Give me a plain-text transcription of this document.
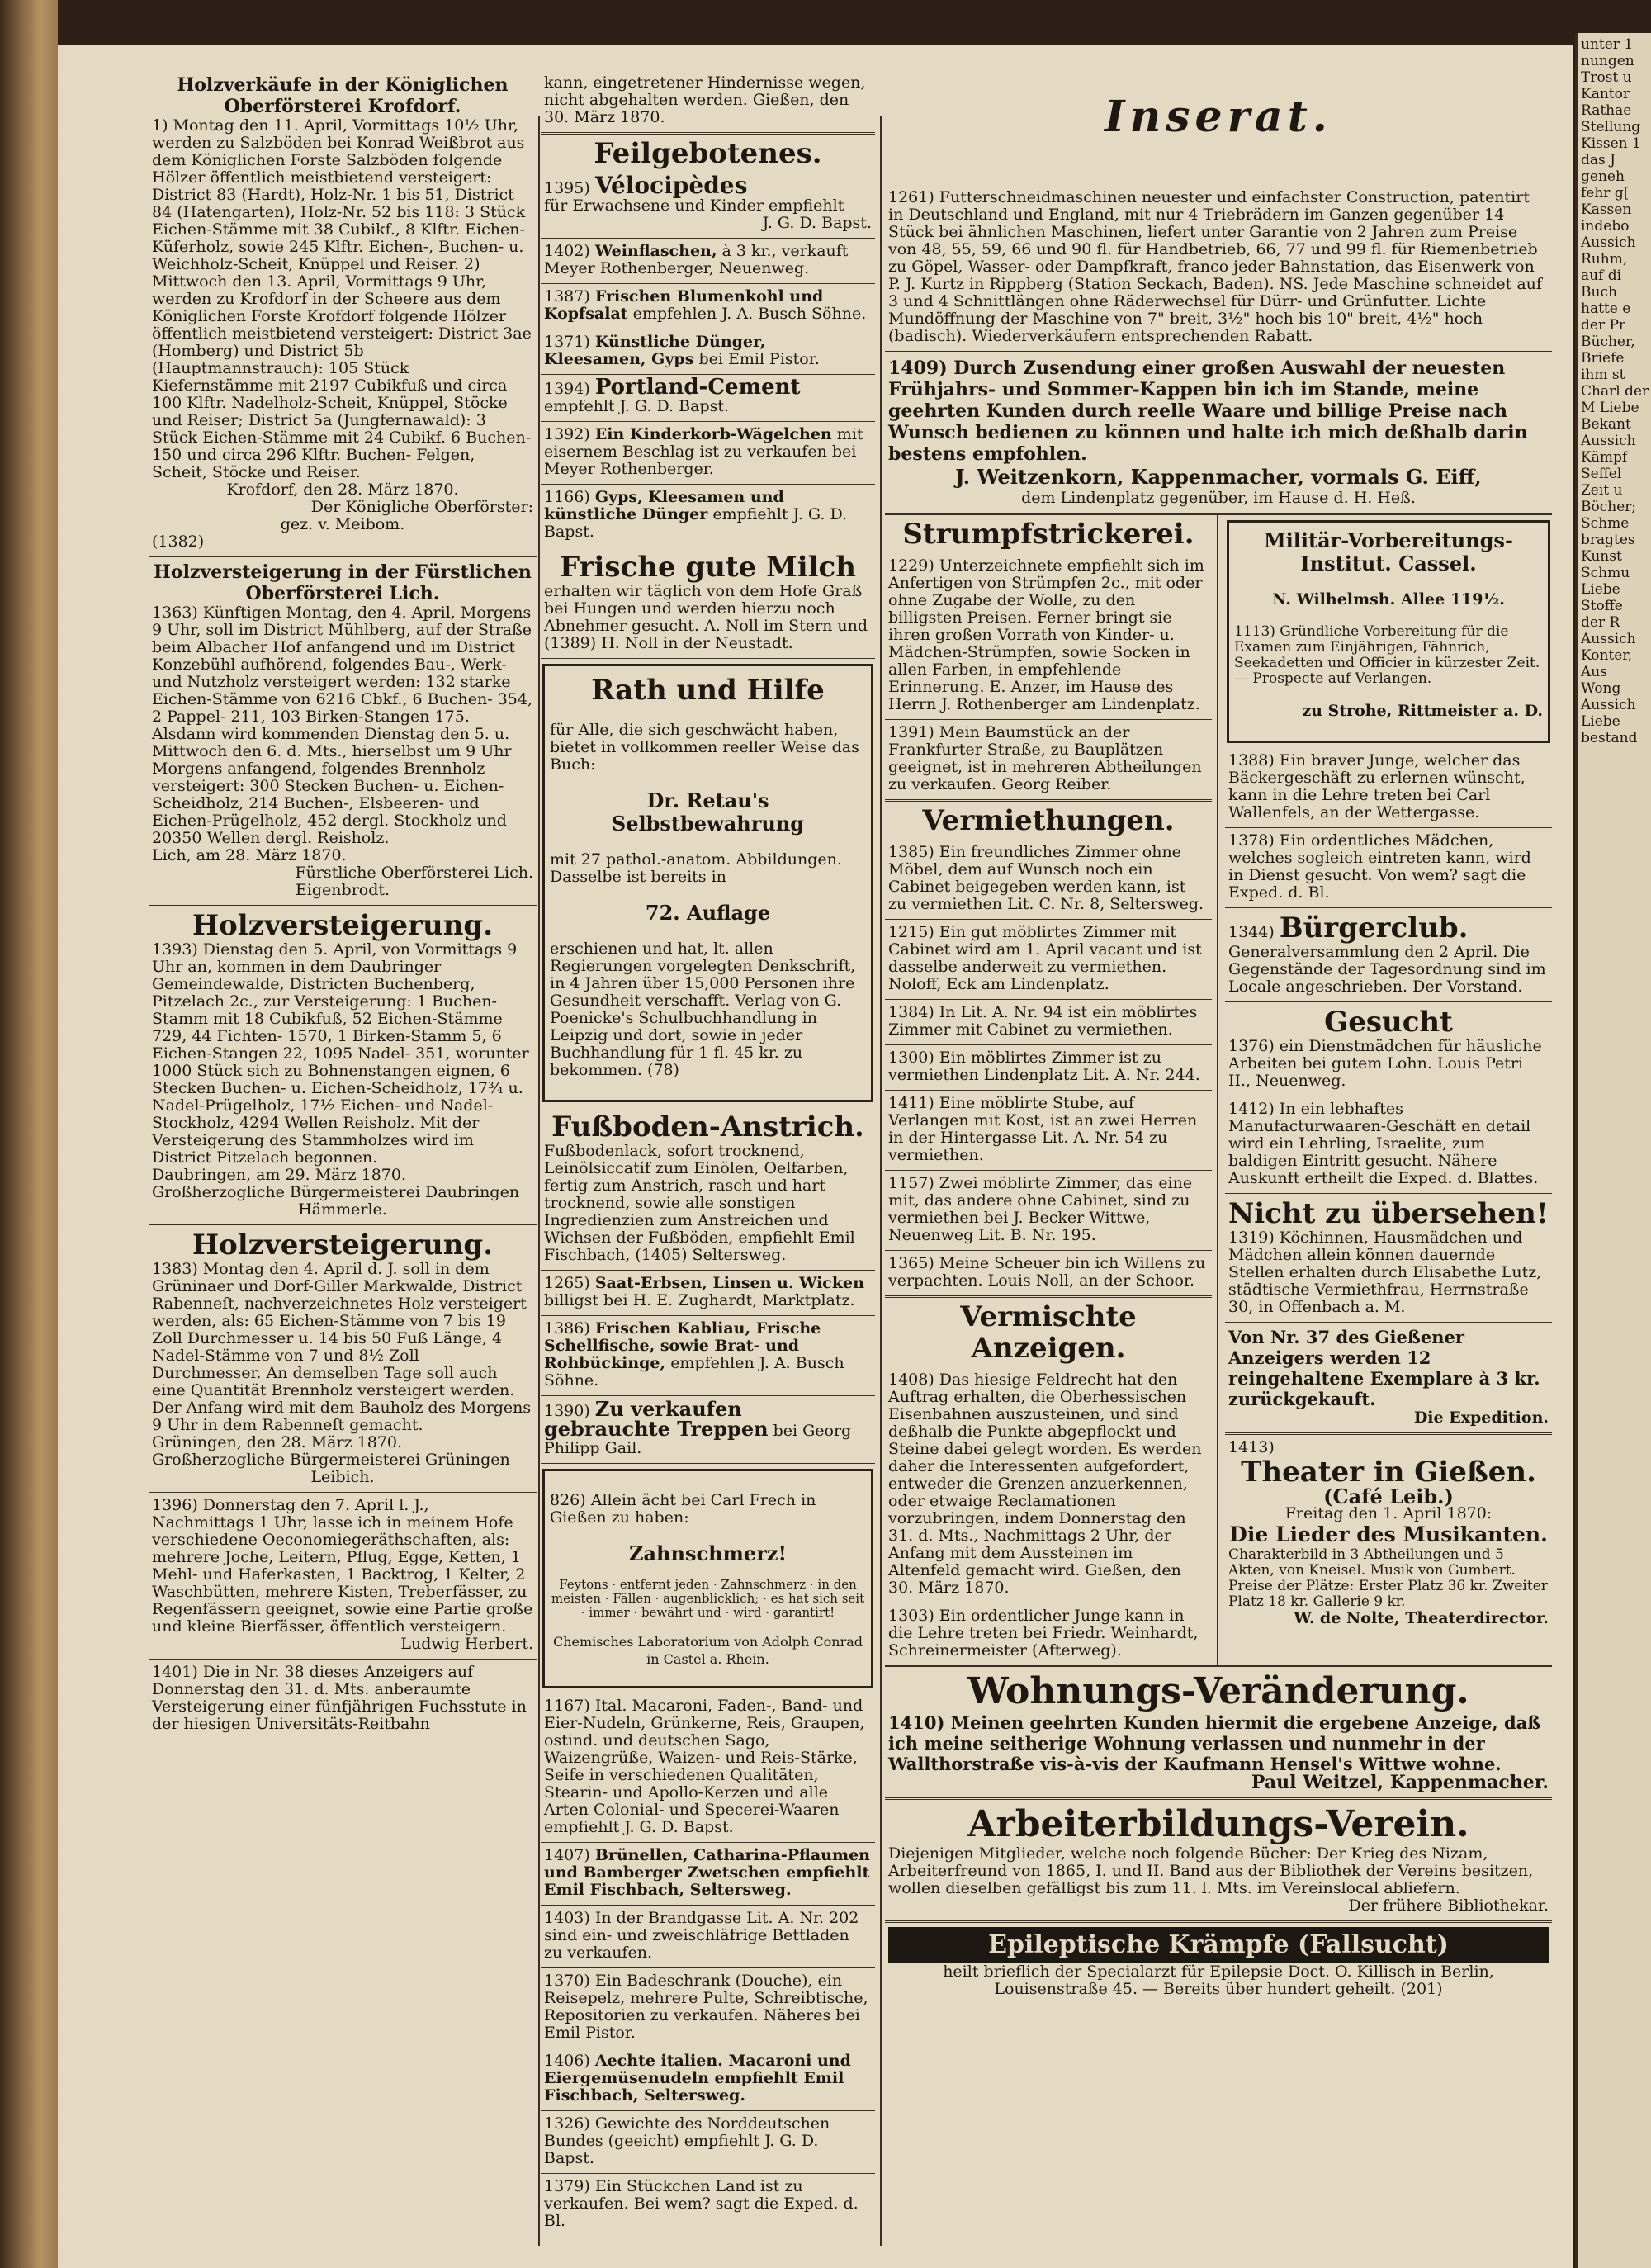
unter 1 nungen Trost u Kantor Rathae Stellung Kissen 1 das J geneh fehr g[ Kassen indebo Aussich Ruhm, auf di Buch hatte e der Pr Bücher, Briefe ihm st Charl der M Liebe Bekant Aussich Kämpf Seffel Zeit u Böcher; Schme bragtes Kunst Schmu Liebe Stoffe der R Aussich Konter, Aus Wong Aussich Liebe bestand

Holzverkäufe in der Königlichen Oberförsterei Krofdorf.

1) Montag den 11. April, Vormittags 10½ Uhr, werden zu Salzböden bei Konrad Weißbrot aus dem Königlichen Forste Salzböden folgende Hölzer öffentlich meistbietend versteigert: District 83 (Hardt), Holz-Nr. 1 bis 51, District 84 (Hatengarten), Holz-Nr. 52 bis 118: 3 Stück Eichen-Stämme mit 38 Cubikf., 8 Klftr. Eichen-Küferholz, sowie 245 Klftr. Eichen-, Buchen- u. Weichholz-Scheit, Knüppel und Reiser. 2) Mittwoch den 13. April, Vormittags 9 Uhr, werden zu Krofdorf in der Scheere aus dem Königlichen Forste Krofdorf folgende Hölzer öffentlich meistbietend versteigert: District 3ae (Homberg) und District 5b (Hauptmannstrauch): 105 Stück Kiefernstämme mit 2197 Cubikfuß und circa 100 Klftr. Nadelholz-Scheit, Knüppel, Stöcke und Reiser; District 5a (Jungfernawald): 3 Stück Eichen-Stämme mit 24 Cubikf. 6 Buchen- 150 und circa 296 Klftr. Buchen- Felgen, Scheit, Stöcke und Reiser.

Krofdorf, den 28. März 1870.

Der Königliche Oberförster:

gez. v. Meibom.

(1382)

Holzversteigerung in der Fürstlichen Oberförsterei Lich.

1363) Künftigen Montag, den 4. April, Morgens 9 Uhr, soll im District Mühlberg, auf der Straße beim Albacher Hof anfangend und im District Konzebühl aufhörend, folgendes Bau-, Werk- und Nutzholz versteigert werden: 132 starke Eichen-Stämme von 6216 Cbkf., 6 Buchen- 354, 2 Pappel- 211, 103 Birken-Stangen 175. Alsdann wird kommenden Dienstag den 5. u. Mittwoch den 6. d. Mts., hierselbst um 9 Uhr Morgens anfangend, folgendes Brennholz versteigert: 300 Stecken Buchen- u. Eichen-Scheidholz, 214 Buchen-, Elsbeeren- und Eichen-Prügelholz, 452 dergl. Stockholz und 20350 Wellen dergl. Reisholz.

Lich, am 28. März 1870.

Fürstliche Oberförsterei Lich.

Eigenbrodt.

Holzversteigerung.

1393) Dienstag den 5. April, von Vormittags 9 Uhr an, kommen in dem Daubringer Gemeindewalde, Districten Buchenberg, Pitzelach 2c., zur Versteigerung: 1 Buchen-Stamm mit 18 Cubikfuß, 52 Eichen-Stämme 729, 44 Fichten- 1570, 1 Birken-Stamm 5, 6 Eichen-Stangen 22, 1095 Nadel- 351, worunter 1000 Stück sich zu Bohnenstangen eignen, 6 Stecken Buchen- u. Eichen-Scheidholz, 17¾ u. Nadel-Prügelholz, 17½ Eichen- und Nadel-Stockholz, 4294 Wellen Reisholz. Mit der Versteigerung des Stammholzes wird im District Pitzelach begonnen.

Daubringen, am 29. März 1870.

Großherzogliche Bürgermeisterei Daubringen

Hämmerle.

Holzversteigerung.

1383) Montag den 4. April d. J. soll in dem Grüninaer und Dorf-Giller Markwalde, District Rabenneſt, nachverzeichnetes Holz versteigert werden, als: 65 Eichen-Stämme von 7 bis 19 Zoll Durchmesser u. 14 bis 50 Fuß Länge, 4 Nadel-Stämme von 7 und 8½ Zoll Durchmesser. An demselben Tage soll auch eine Quantität Brennholz versteigert werden. Der Anfang wird mit dem Bauholz des Morgens 9 Uhr in dem Rabenneſt gemacht.

Grüningen, den 28. März 1870.

Großherzogliche Bürgermeisterei Grüningen

Leibich.

1396) Donnerstag den 7. April l. J., Nachmittags 1 Uhr, lasse ich in meinem Hofe verschiedene Oeconomiegeräthschaften, als: mehrere Joche, Leitern, Pflug, Egge, Ketten, 1 Mehl- und Haferkasten, 1 Backtrog, 1 Kelter, 2 Waschbütten, mehrere Kisten, Treberfässer, zu Regenfässern geeignet, sowie eine Partie große und kleine Bierfässer, öffentlich versteigern.

Ludwig Herbert.

1401) Die in Nr. 38 dieses Anzeigers auf Donnerstag den 31. d. Mts. anberaumte Versteigerung einer fünfjährigen Fuchsstute in der hiesigen Universitäts-Reitbahn

kann, eingetretener Hindernisse wegen, nicht abgehalten werden. Gießen, den 30. März 1870.

Feilgebotenes.

1395) Vélocipèdes

für Erwachsene und Kinder empfiehlt

J. G. D. Bapst.

1402) Weinflaschen, à 3 kr., verkauft Meyer Rothenberger, Neuenweg.
1387) Frischen Blumenkohl und Kopfsalat empfehlen J. A. Busch Söhne.
1371) Künstliche Dünger, Kleesamen, Gyps bei Emil Pistor.
1394) Portland-Cement empfehlt J. G. D. Bapst.
1392) Ein Kinderkorb-Wägelchen mit eisernem Beschlag ist zu verkaufen bei Meyer Rothenberger.
1166) Gyps, Kleesamen und künstliche Dünger empfiehlt J. G. D. Bapst.

Frische gute Milch

erhalten wir täglich von dem Hofe Graß bei Hungen und werden hierzu noch Abnehmer gesucht. A. Noll im Stern und (1389) H. Noll in der Neustadt.

Rath und Hilfe

für Alle, die sich geschwächt haben, bietet in vollkommen reeller Weise das Buch:

Dr. Retau's Selbstbewahrung

mit 27 pathol.-anatom. Abbildungen. Dasselbe ist bereits in

72. Auflage

erschienen und hat, lt. allen Regierungen vorgelegten Denkschrift, in 4 Jahren über 15,000 Personen ihre Gesundheit verschafft. Verlag von G. Poenicke's Schulbuchhandlung in Leipzig und dort, sowie in jeder Buchhandlung für 1 fl. 45 kr. zu bekommen. (78)

Fußboden-Anstrich.

Fußbodenlack, sofort trocknend, Leinölsiccatif zum Einölen, Oelfarben, fertig zum Anstrich, rasch und hart trocknend, sowie alle sonstigen Ingredienzien zum Anstreichen und Wichsen der Fußböden, empfiehlt Emil Fischbach, (1405) Seltersweg.

1265) Saat-Erbsen, Linsen u. Wicken billigst bei H. E. Zughardt, Marktplatz.
1386) Frischen Kabliau, Frische Schellfische, sowie Brat- und Rohbückinge, empfehlen J. A. Busch Söhne.
1390) Zu verkaufen gebrauchte Treppen bei Georg Philipp Gail.

826) Allein ächt bei Carl Frech in Gießen zu haben:

Zahnschmerz!

Feytons · entfernt jeden · Zahnschmerz · in den meisten · Fällen · augenblicklich; · es hat sich seit · immer · bewährt und · wird · garantirt!

Chemisches Laboratorium von Adolph Conrad in Castel a. Rhein.

1167) Ital. Macaroni, Faden-, Band- und Eier-Nudeln, Grünkerne, Reis, Graupen, ostind. und deutschen Sago, Waizengrüße, Waizen- und Reis-Stärke, Seife in verschiedenen Qualitäten, Stearin- und Apollo-Kerzen und alle Arten Colonial- und Specerei-Waaren empfiehlt J. G. D. Bapst.
1407) Brünellen, Catharina-Pflaumen und Bamberger Zwetschen empfiehlt Emil Fischbach, Seltersweg.
1403) In der Brandgasse Lit. A. Nr. 202 sind ein- und zweischläfrige Bettladen zu verkaufen.
1370) Ein Badeschrank (Douche), ein Reisepelz, mehrere Pulte, Schreibtische, Repositorien zu verkaufen. Näheres bei Emil Pistor.
1406) Aechte italien. Macaroni und Eiergemüsenudeln empfiehlt Emil Fischbach, Seltersweg.
1326) Gewichte des Norddeutschen Bundes (geeicht) empfiehlt J. G. D. Bapst.
1379) Ein Stückchen Land ist zu verkaufen. Bei wem? sagt die Exped. d. Bl.

Inserat.

1261) Futterschneidmaschinen neuester und einfachster Construction, patentirt in Deutschland und England, mit nur 4 Triebrädern im Ganzen gegenüber 14 Stück bei ähnlichen Maschinen, liefert unter Garantie von 2 Jahren zum Preise von 48, 55, 59, 66 und 90 fl. für Handbetrieb, 66, 77 und 99 fl. für Riemenbetrieb zu Göpel, Wasser- oder Dampfkraft, franco jeder Bahnstation, das Eisenwerk von P. J. Kurtz in Rippberg (Station Seckach, Baden). NS. Jede Maschine schneidet auf 3 und 4 Schnittlängen ohne Räderwechsel für Dürr- und Grünfutter. Lichte Mundöffnung der Maschine von 7" breit, 3½" hoch bis 10" breit, 4½" hoch (badisch). Wiederverkäufern entsprechenden Rabatt.

1409) Durch Zusendung einer großen Auswahl der neuesten Frühjahrs- und Sommer-Kappen bin ich im Stande, meine geehrten Kunden durch reelle Waare und billige Preise nach Wunsch bedienen zu können und halte ich mich deßhalb darin bestens empfohlen.

J. Weitzenkorn, Kappenmacher, vormals G. Eiff,

dem Lindenplatz gegenüber, im Hause d. H. Heß.

Strumpfstrickerei.

1229) Unterzeichnete empfiehlt sich im Anfertigen von Strümpfen 2c., mit oder ohne Zugabe der Wolle, zu den billigsten Preisen. Ferner bringt sie ihren großen Vorrath von Kinder- u. Mädchen-Strümpfen, sowie Socken in allen Farben, in empfehlende Erinnerung. E. Anzer, im Hause des Herrn J. Rothenberger am Lindenplatz.

1391) Mein Baumstück an der Frankfurter Straße, zu Bauplätzen geeignet, ist in mehreren Abtheilungen zu verkaufen. Georg Reiber.

Vermiethungen.

1385) Ein freundliches Zimmer ohne Möbel, dem auf Wunsch noch ein Cabinet beigegeben werden kann, ist zu vermiethen Lit. C. Nr. 8, Seltersweg.

1215) Ein gut möblirtes Zimmer mit Cabinet wird am 1. April vacant und ist dasselbe anderweit zu vermiethen. Noloff, Eck am Lindenplatz.

1384) In Lit. A. Nr. 94 ist ein möblirtes Zimmer mit Cabinet zu vermiethen.

1300) Ein möblirtes Zimmer ist zu vermiethen Lindenplatz Lit. A. Nr. 244.

1411) Eine möblirte Stube, auf Verlangen mit Kost, ist an zwei Herren in der Hintergasse Lit. A. Nr. 54 zu vermiethen.

1157) Zwei möblirte Zimmer, das eine mit, das andere ohne Cabinet, sind zu vermiethen bei J. Becker Wittwe, Neuenweg Lit. B. Nr. 195.

1365) Meine Scheuer bin ich Willens zu verpachten. Louis Noll, an der Schoor.

Vermischte Anzeigen.

1408) Das hiesige Feldrecht hat den Auftrag erhalten, die Oberhessischen Eisenbahnen auszusteinen, und sind deßhalb die Punkte abgepflockt und Steine dabei gelegt worden. Es werden daher die Interessenten aufgefordert, entweder die Grenzen anzuerkennen, oder etwaige Reclamationen vorzubringen, indem Donnerstag den 31. d. Mts., Nachmittags 2 Uhr, der Anfang mit dem Aussteinen im Altenfeld gemacht wird. Gießen, den 30. März 1870.

1303) Ein ordentlicher Junge kann in die Lehre treten bei Friedr. Weinhardt, Schreinermeister (Afterweg).

Militär-Vorbereitungs-Institut. Cassel.

N. Wilhelmsh. Allee 119½.

1113) Gründliche Vorbereitung für die Examen zum Einjährigen, Fähnrich, Seekadetten und Officier in kürzester Zeit. — Prospecte auf Verlangen.

zu Strohe, Rittmeister a. D.

1388) Ein braver Junge, welcher das Bäckergeschäft zu erlernen wünscht, kann in die Lehre treten bei Carl Wallenfels, an der Wettergasse.

1378) Ein ordentliches Mädchen, welches sogleich eintreten kann, wird in Dienst gesucht. Von wem? sagt die Exped. d. Bl.

1344) Bürgerclub.

Generalversammlung den 2 April. Die Gegenstände der Tagesordnung sind im Locale angeschrieben. Der Vorstand.

Gesucht

1376) ein Dienstmädchen für häusliche Arbeiten bei gutem Lohn. Louis Petri II., Neuenweg.

1412) In ein lebhaftes Manufacturwaaren-Geschäft en detail wird ein Lehrling, Israelite, zum baldigen Eintritt gesucht. Nähere Auskunft ertheilt die Exped. d. Blattes.

Nicht zu übersehen!

1319) Köchinnen, Hausmädchen und Mädchen allein können dauernde Stellen erhalten durch Elisabethe Lutz, städtische Vermiethfrau, Herrnstraße 30, in Offenbach a. M.

Von Nr. 37 des Gießener Anzeigers werden 12 reingehaltene Exemplare à 3 kr. zurückgekauft.

Die Expedition.

1413)

Theater in Gießen.

(Café Leib.)

Freitag den 1. April 1870:

Die Lieder des Musikanten.

Charakterbild in 3 Abtheilungen und 5 Akten, von Kneisel. Musik von Gumbert. Preise der Plätze: Erster Platz 36 kr. Zweiter Platz 18 kr. Gallerie 9 kr.

W. de Nolte, Theaterdirector.

Wohnungs-Veränderung.

1410) Meinen geehrten Kunden hiermit die ergebene Anzeige, daß ich meine seitherige Wohnung verlassen und nunmehr in der Wallthorstraße vis-à-vis der Kaufmann Hensel's Wittwe wohne.

Paul Weitzel, Kappenmacher.

Arbeiterbildungs-Verein.

Diejenigen Mitglieder, welche noch folgende Bücher: Der Krieg des Nizam, Arbeiterfreund von 1865, I. und II. Band aus der Bibliothek der Vereins besitzen, wollen dieselben gefälligst bis zum 11. l. Mts. im Vereinslocal abliefern.

Der frühere Bibliothekar.

Epileptische Krämpfe (Fallsucht)

heilt brieflich der Specialarzt für Epilepsie Doct. O. Killisch in Berlin, Louisenstraße 45. — Bereits über hundert geheilt. (201)
